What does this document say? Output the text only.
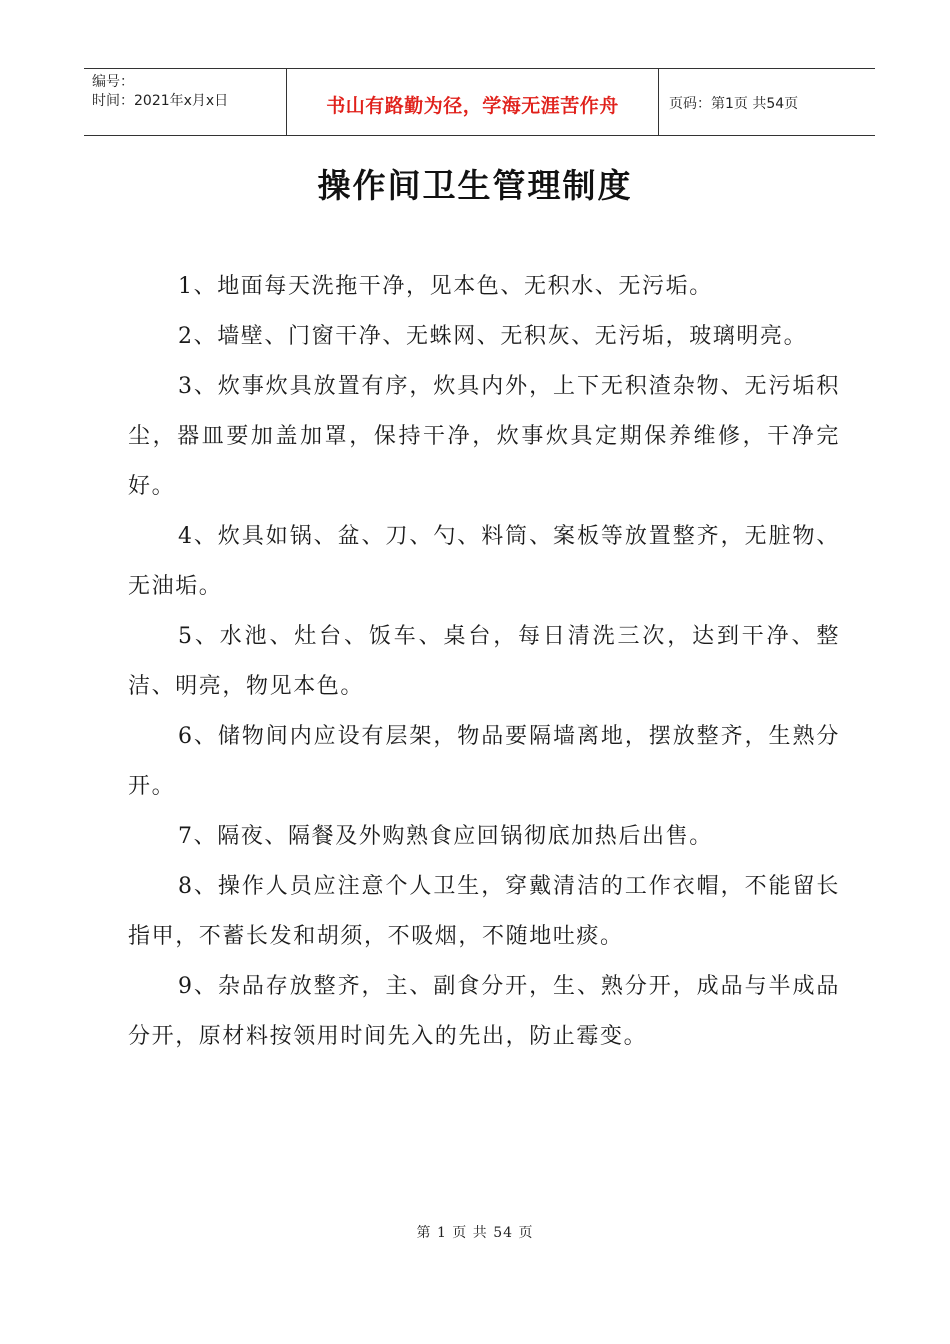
编号：
时间：2021年x月x日	书山有路勤为径，学海无涯苦作舟	页码：第1页 共54页
操作间卫生管理制度

1、地面每天洗拖干净，见本色、无积水、无污垢。

2、墙壁、门窗干净、无蛛网、无积灰、无污垢，玻璃明亮。

3、炊事炊具放置有序，炊具内外，上下无积渣杂物、无污垢积尘，器皿要加盖加罩，保持干净，炊事炊具定期保养维修，干净完好。

4、炊具如锅、盆、刀、勺、料筒、案板等放置整齐，无脏物、无油垢。

5、水池、灶台、饭车、桌台，每日清洗三次，达到干净、整洁、明亮，物见本色。

6、储物间内应设有层架，物品要隔墙离地，摆放整齐，生熟分开。

7、隔夜、隔餐及外购熟食应回锅彻底加热后出售。

8、操作人员应注意个人卫生，穿戴清洁的工作衣帽，不能留长指甲，不蓄长发和胡须，不吸烟，不随地吐痰。

9、杂品存放整齐，主、副食分开，生、熟分开，成品与半成品分开，原材料按领用时间先入的先出，防止霉变。

第 1 页 共 54 页
